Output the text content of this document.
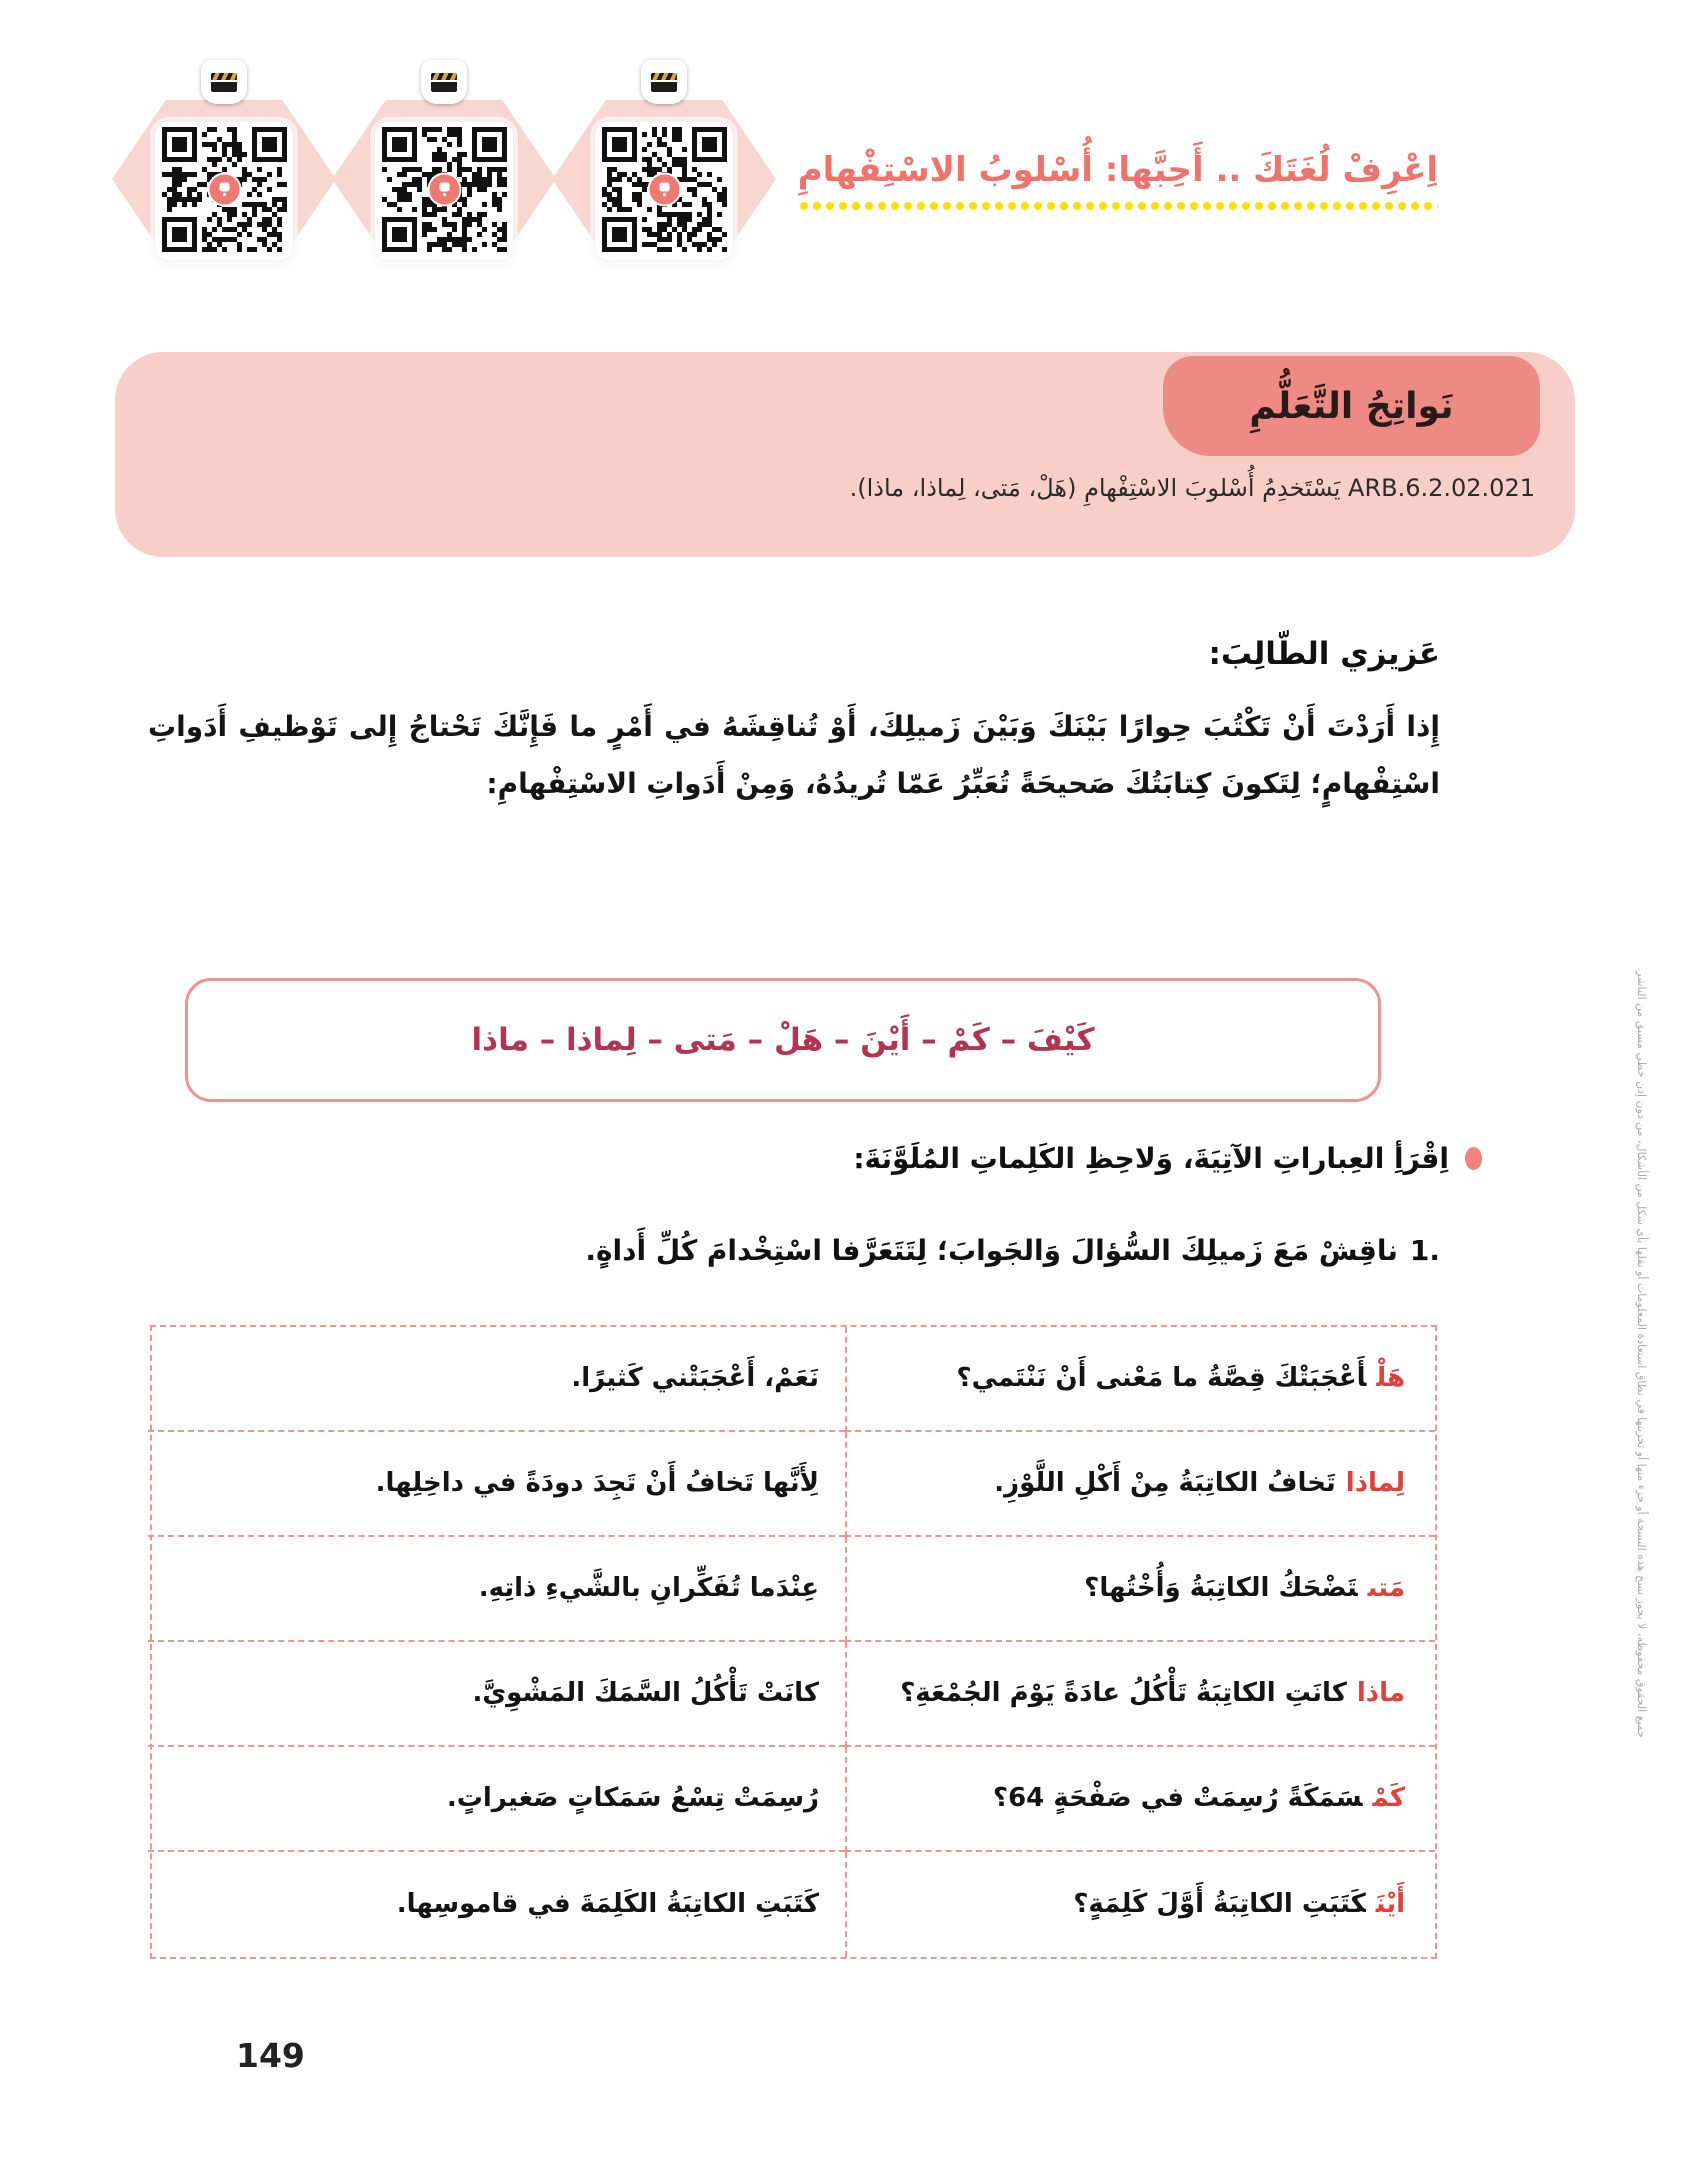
اِعْرِفْ لُغَتَكَ .. أَحِبَّها: أُسْلوبُ الاسْتِفْهامِ
نَواتِجُ التَّعَلُّمِ
ARB.6.2.02.021 يَسْتَخدِمُ أُسْلوبَ الاسْتِفْهامِ (هَلْ، مَتى، لِماذا، ماذا).
عَزيزي الطّالِبَ:
إِذا أَرَدْتَ أَنْ تَكْتُبَ حِوارًا بَيْنَكَ وَبَيْنَ زَميلِكَ، أَوْ تُناقِشَهُ في أَمْرٍ ما فَإِنَّكَ تَحْتاجُ إِلى تَوْظيفِ أَدَواتِ اسْتِفْهامٍ؛ لِتَكونَ كِتابَتُكَ صَحيحَةً تُعَبِّرُ عَمّا تُريدُهُ، وَمِنْ أَدَواتِ الاسْتِفْهامِ:
كَيْفَ – كَمْ – أَيْنَ – هَلْ – مَتى – لِماذا – ماذا
اِقْرَأِ العِباراتِ الآتِيَةَ، وَلاحِظِ الكَلِماتِ المُلَوَّنَةَ:
1.
ناقِشْ مَعَ زَميلِكَ السُّؤالَ وَالجَوابَ؛ لِتَتَعَرَّفا اسْتِخْدامَ كُلِّ أَداةٍ.
هَلْأَعْجَبَتْكَ قِصَّةُ ما مَعْنى أَنْ نَنْتَمي؟
نَعَمْ، أَعْجَبَتْني كَثيرًا.
لِماذاتَخافُ الكاتِبَةُ مِنْ أَكْلِ اللَّوْزِ.
لِأَنَّها تَخافُ أَنْ تَجِدَ دودَةً في داخِلِها.
مَتىتَضْحَكُ الكاتِبَةُ وَأُخْتُها؟
عِنْدَما تُفَكِّرانِ بالشَّيءِ ذاتِهِ.
ماذاكانَتِ الكاتِبَةُ تَأْكُلُ عادَةً يَوْمَ الجُمْعَةِ؟
كانَتْ تَأْكُلُ السَّمَكَ المَشْوِيَّ.
كَمْسَمَكَةً رُسِمَتْ في صَفْحَةٍ 64؟
رُسِمَتْ تِسْعُ سَمَكاتٍ صَغيراتٍ.
أَيْنَكَتَبَتِ الكاتِبَةُ أَوَّلَ كَلِمَةٍ؟
كَتَبَتِ الكاتِبَةُ الكَلِمَةَ في قاموسِها.
جميع الحقوق محفوظة، لا يجوز نسخ هذه النسخة أو جزء منها أو تخزينها في نطاق استعادة المعلومات أو نقلها بأي شكل من الأشكال، من دون إذن خطي مسبق من الناشر.
149
